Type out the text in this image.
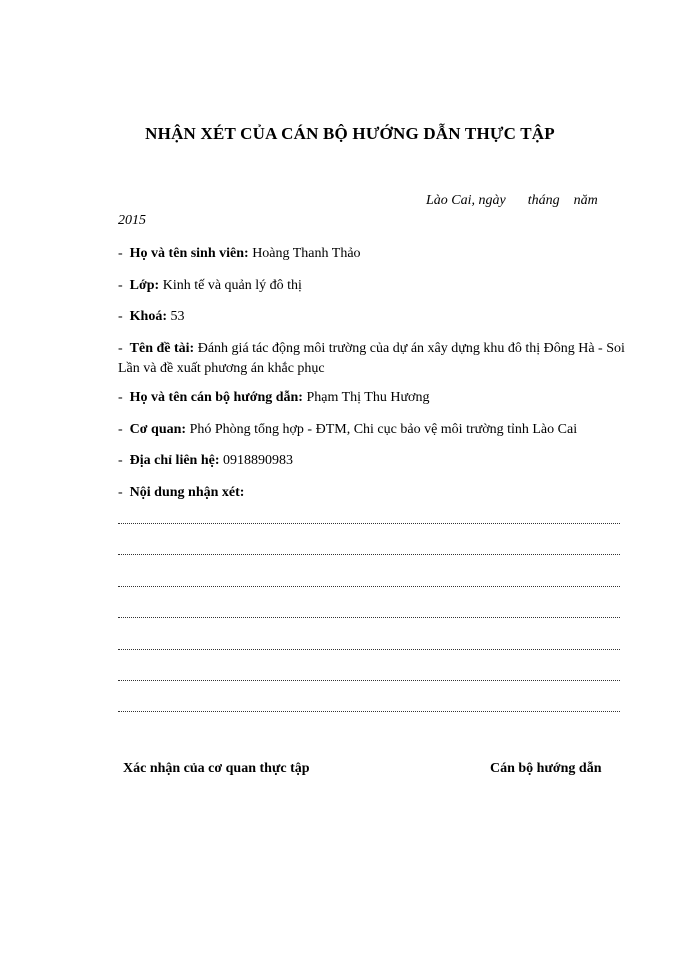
NHẬN XÉT CỦA CÁN BỘ HƯỚNG DẪN THỰC TẬP
Lào Cai, ngày tháng năm
2015
- Họ và tên sinh viên: Hoàng Thanh Thảo
- Lớp: Kinh tế và quản lý đô thị
- Khoá: 53
- Tên đề tài: Đánh giá tác động môi trường của dự án xây dựng khu đô thị Đông Hà - Soi Lần và đề xuất phương án khắc phục
- Họ và tên cán bộ hướng dẫn: Phạm Thị Thu Hương
- Cơ quan: Phó Phòng tổng hợp - ĐTM, Chi cục bảo vệ môi trường tỉnh Lào Cai
- Địa chỉ liên hệ: 0918890983
- Nội dung nhận xét:
Xác nhận của cơ quan thực tập	Cán bộ hướng dẫn
